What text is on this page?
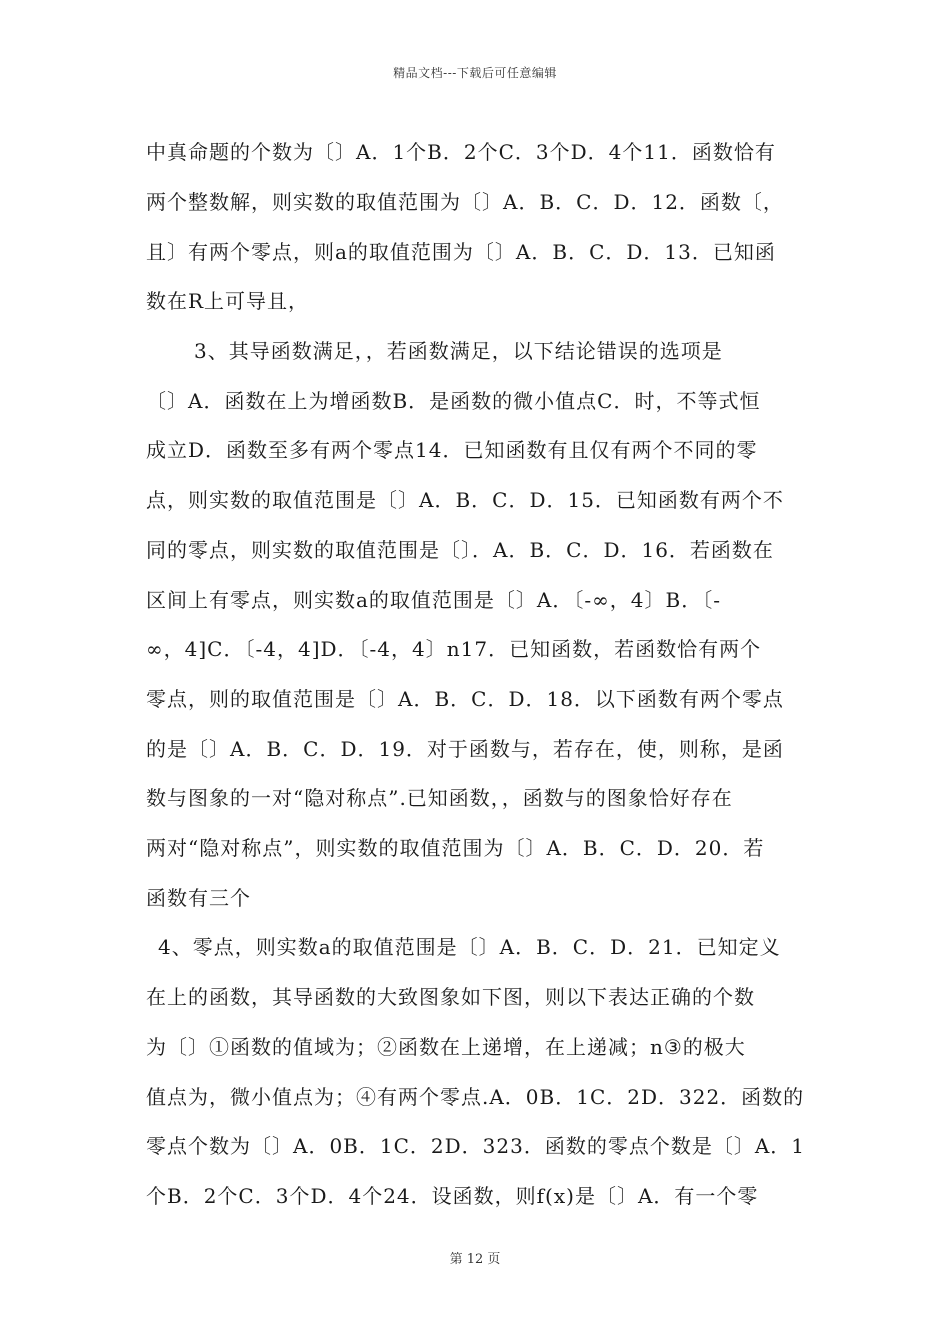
精品文档---下载后可任意编辑
中真命题的个数为〔〕A．1个B．2个C．3个D．4个11．函数恰有
两个整数解，则实数的取值范围为〔〕A．B．C．D．12．函数〔，
且〕有两个零点，则a的取值范围为〔〕A．B．C．D．13．已知函
数在R上可导且，
3、其导函数满足，，若函数满足，以下结论错误的选项是
〔〕A．函数在上为增函数B．是函数的微小值点C．时，不等式恒
成立D．函数至多有两个零点14．已知函数有且仅有两个不同的零
点，则实数的取值范围是〔〕A．B．C．D．15．已知函数有两个不
同的零点，则实数的取值范围是〔〕．A．B．C．D．16．若函数在
区间上有零点，则实数a的取值范围是〔〕A．〔-∞，4〕B．〔-
∞，4]C．〔-4，4]D．〔-4，4〕n17．已知函数，若函数恰有两个
零点，则的取值范围是〔〕A．B．C．D．18．以下函数有两个零点
的是〔〕A．B．C．D．19．对于函数与，若存在，使，则称，是函
数与图象的一对“隐对称点”.已知函数，，函数与的图象恰好存在
两对“隐对称点”，则实数的取值范围为〔〕A．B．C．D．20．若
函数有三个
4、零点，则实数a的取值范围是〔〕A．B．C．D．21．已知定义
在上的函数，其导函数的大致图象如下图，则以下表达正确的个数
为〔〕①函数的值域为；②函数在上递增，在上递减；n③的极大
值点为，微小值点为；④有两个零点.A．0B．1C．2D．322．函数的
零点个数为〔〕A．0B．1C．2D．323．函数的零点个数是〔〕A．1
个B．2个C．3个D．4个24．设函数，则f(x)是〔〕A．有一个零
第 12 页
